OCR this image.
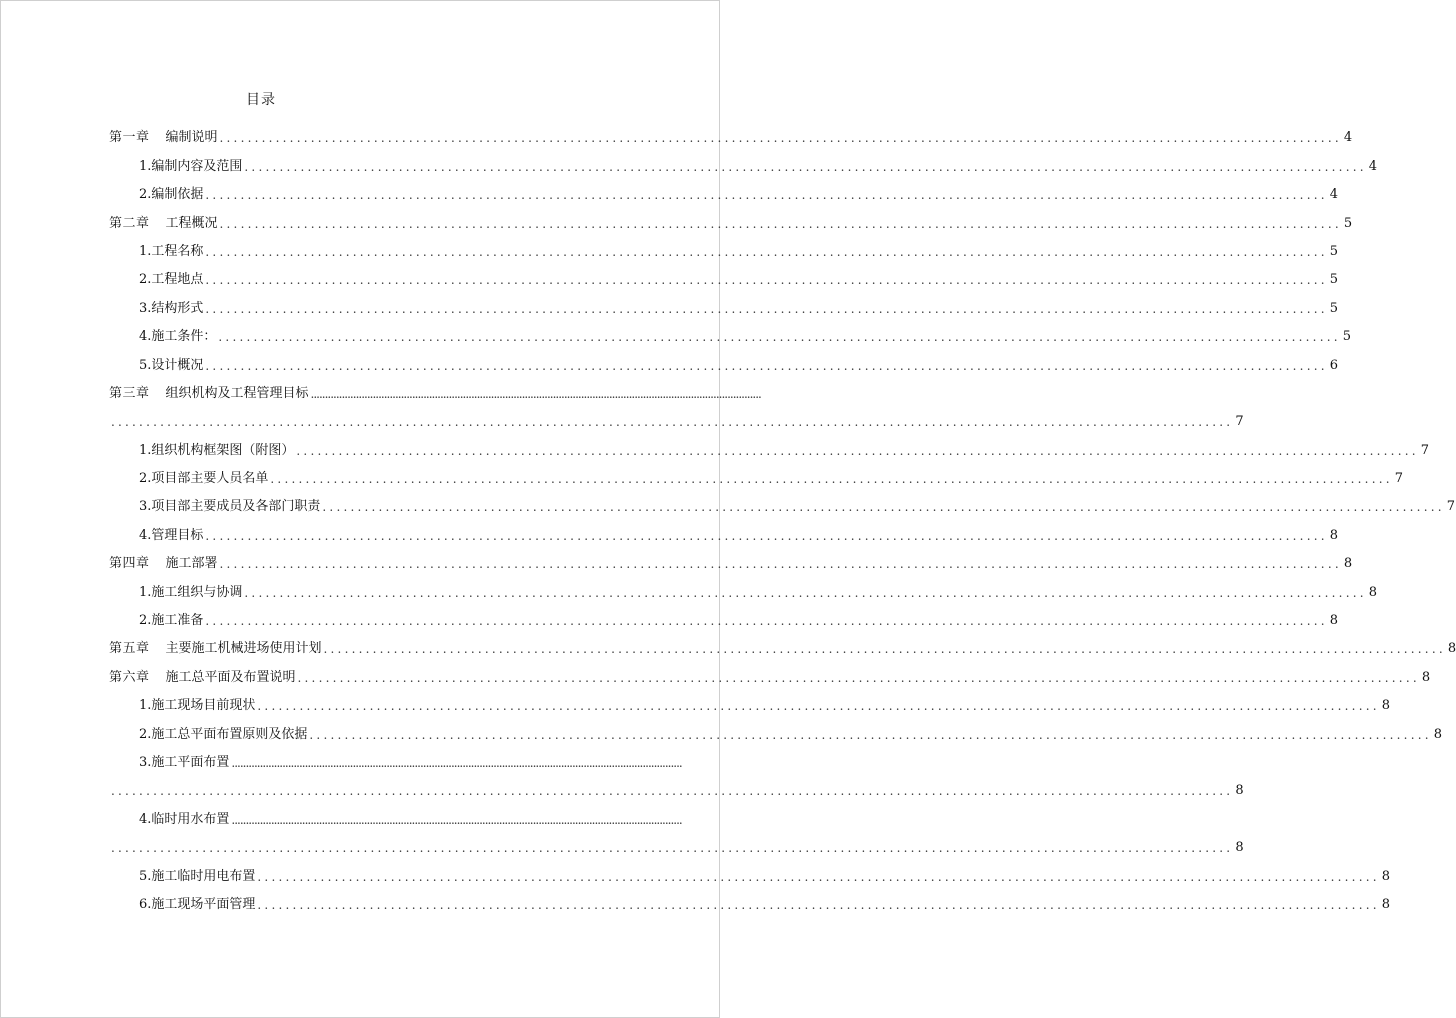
目录
第一章 编制说明 ................................................................................................................................................................ 4
1.编制内容及范围 ................................................................................................................................................................ 4
2.编制依据 ................................................................................................................................................................ 4
第二章 工程概况 ................................................................................................................................................................ 5
1.工程名称 ................................................................................................................................................................ 5
2.工程地点 ................................................................................................................................................................ 5
3.结构形式 ................................................................................................................................................................ 5
4.施工条件： ................................................................................................................................................................ 5
5.设计概况 ................................................................................................................................................................ 6
第三章 组织机构及工程管理目标 ................................................................................................................................................................
................................................................................................................................................................ 7
1.组织机构框架图（附图） ................................................................................................................................................................ 7
2.项目部主要人员名单 ................................................................................................................................................................ 7
3.项目部主要成员及各部门职责 ................................................................................................................................................................ 7
4.管理目标 ................................................................................................................................................................ 8
第四章 施工部署 ................................................................................................................................................................ 8
1.施工组织与协调 ................................................................................................................................................................ 8
2.施工准备 ................................................................................................................................................................ 8
第五章 主要施工机械进场使用计划 ................................................................................................................................................................ 8
第六章 施工总平面及布置说明 ................................................................................................................................................................ 8
1.施工现场目前现状 ................................................................................................................................................................ 8
2.施工总平面布置原则及依据 ................................................................................................................................................................ 8
3.施工平面布置 ................................................................................................................................................................
................................................................................................................................................................ 8
4.临时用水布置 ................................................................................................................................................................
................................................................................................................................................................ 8
5.施工临时用电布置 ................................................................................................................................................................ 8
6.施工现场平面管理 ................................................................................................................................................................ 8
